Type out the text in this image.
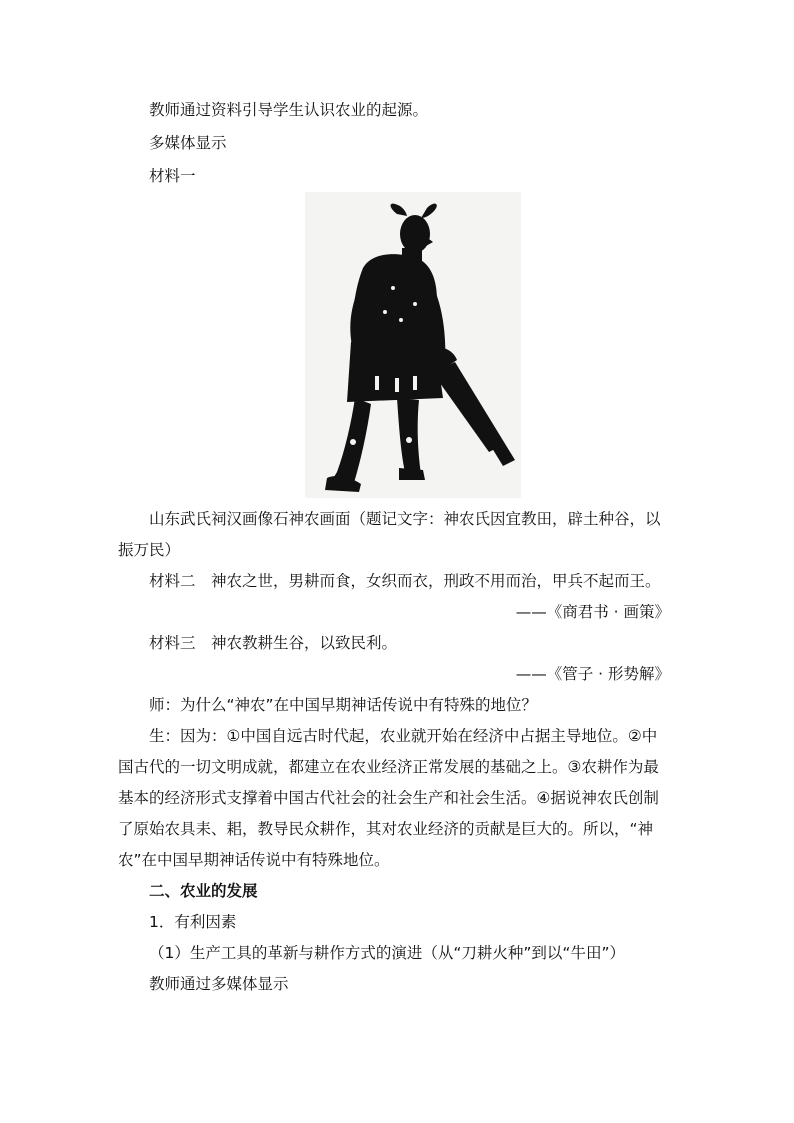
教师通过资料引导学生认识农业的起源。
多媒体显示
材料一
山东武氏祠汉画像石神农画面（题记文字：神农氏因宜教田，辟土种谷，以
振万民）
材料二　神农之世，男耕而食，女织而衣，刑政不用而治，甲兵不起而王。
——《商君书 · 画策》
材料三　神农教耕生谷，以致民利。
——《管子 · 形势解》
师：为什么“神农”在中国早期神话传说中有特殊的地位？
生：因为：①中国自远古时代起，农业就开始在经济中占据主导地位。②中
国古代的一切文明成就，都建立在农业经济正常发展的基础之上。③农耕作为最
基本的经济形式支撑着中国古代社会的社会生产和社会生活。④据说神农氏创制
了原始农具耒、耜，教导民众耕作，其对农业经济的贡献是巨大的。所以，“神
农”在中国早期神话传说中有特殊地位。
二、农业的发展
1．有利因素
（1）生产工具的革新与耕作方式的演进（从“刀耕火种”到以“牛田”）
教师通过多媒体显示
